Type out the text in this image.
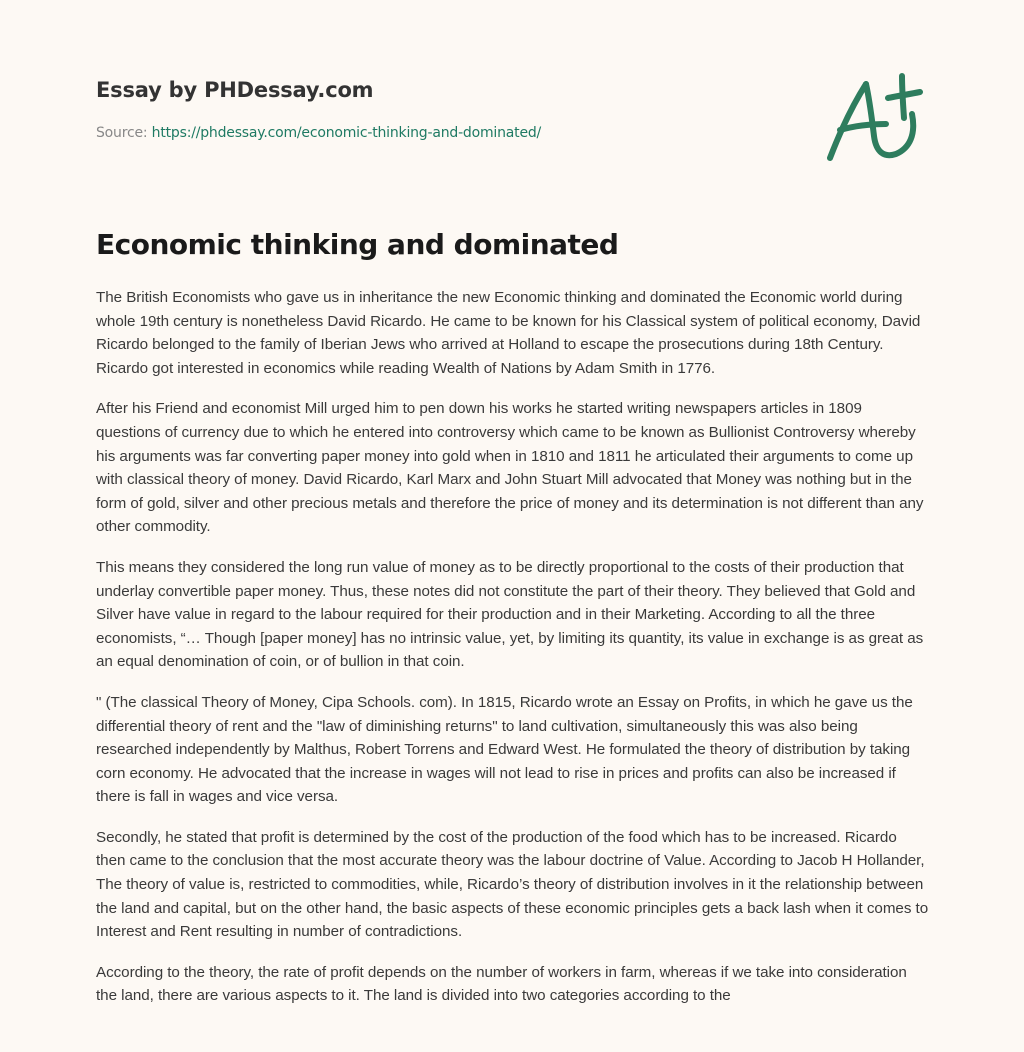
Essay by PHDessay.com
Source: https://phdessay.com/economic-thinking-and-dominated/
Economic thinking and dominated

The British Economists who gave us in inheritance the new Economic thinking and dominated the Economic world during whole 19th century is nonetheless David Ricardo. He came to be known for his Classical system of political economy, David Ricardo belonged to the family of Iberian Jews who arrived at Holland to escape the prosecutions during 18th Century. Ricardo got interested in economics while reading Wealth of Nations by Adam Smith in 1776.

After his Friend and economist Mill urged him to pen down his works he started writing newspapers articles in 1809 questions of currency due to which he entered into controversy which came to be known as Bullionist Controversy whereby his arguments was far converting paper money into gold when in 1810 and 1811 he articulated their arguments to come up with classical theory of money. David Ricardo, Karl Marx and John Stuart Mill advocated that Money was nothing but in the form of gold, silver and other precious metals and therefore the price of money and its determination is not different than any other commodity.

This means they considered the long run value of money as to be directly proportional to the costs of their production that underlay convertible paper money. Thus, these notes did not constitute the part of their theory. They believed that Gold and Silver have value in regard to the labour required for their production and in their Marketing. According to all the three economists, “… Though [paper money] has no intrinsic value, yet, by limiting its quantity, its value in exchange is as great as an equal denomination of coin, or of bullion in that coin.

" (The classical Theory of Money, Cipa Schools. com). In 1815, Ricardo wrote an Essay on Profits, in which he gave us the differential theory of rent and the "law of diminishing returns" to land cultivation, simultaneously this was also being researched independently by Malthus, Robert Torrens and Edward West. He formulated the theory of distribution by taking corn economy. He advocated that the increase in wages will not lead to rise in prices and profits can also be increased if there is fall in wages and vice versa.

Secondly, he stated that profit is determined by the cost of the production of the food which has to be increased. Ricardo then came to the conclusion that the most accurate theory was the labour doctrine of Value. According to Jacob H Hollander, The theory of value is, restricted to commodities, while, Ricardo’s theory of distribution involves in it the relationship between the land and capital, but on the other hand, the basic aspects of these economic principles gets a back lash when it comes to Interest and Rent resulting in number of contradictions.

According to the theory, the rate of profit depends on the number of workers in farm, whereas if we take into consideration the land, there are various aspects to it. The land is divided into two categories according to the
